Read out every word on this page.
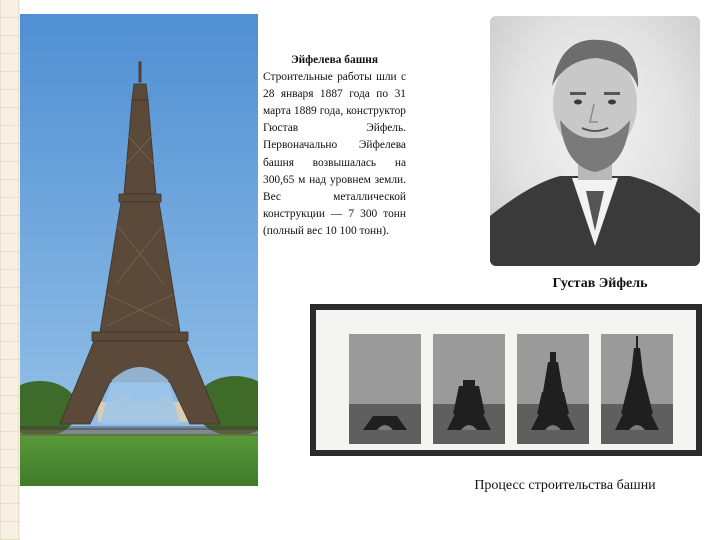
Эйфелева башня
Строительные работы шли с 28 января 1887 года по 31 марта 1889 года, конструктор Гюстав Эйфель. Первоначально Эйфелева башня возвышалась на 300,65 м над уровнем земли. Вес металлической конструкции — 7 300 тонн (полный вес 10 100 тонн).
Густав Эйфель
Процесс строительства башни
